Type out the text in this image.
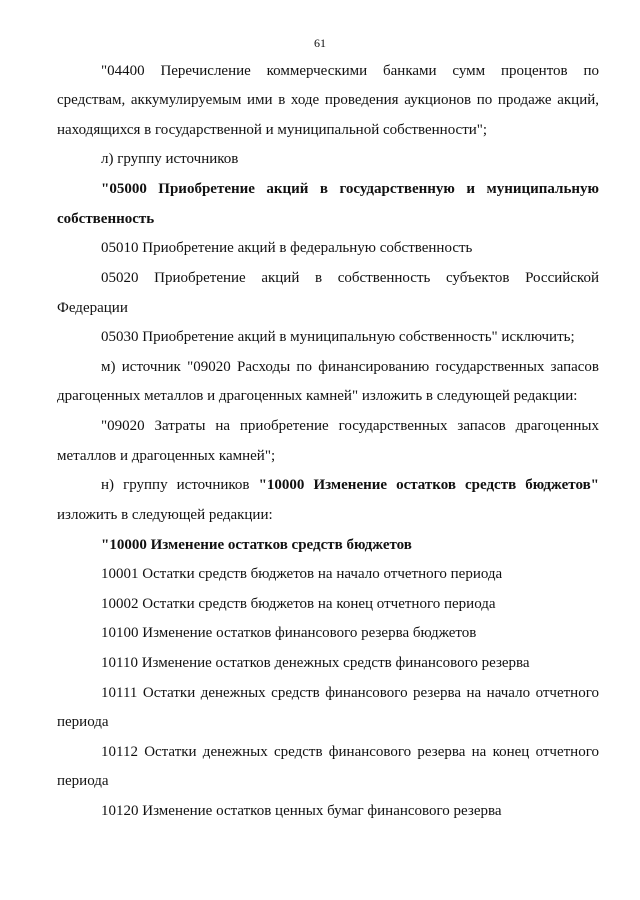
61
"04400 Перечисление коммерческими банками сумм процентов по
средствам, аккумулируемым ими в ходе проведения аукционов по продаже акций,
находящихся в государственной и муниципальной собственности";
л) группу источников
"05000 Приобретение акций в государственную и муниципальную
собственность
05010 Приобретение акций в федеральную собственность
05020 Приобретение акций в собственность субъектов Российской
Федерации
05030 Приобретение акций в муниципальную собственность" исключить;
м) источник "09020 Расходы по финансированию государственных запасов
драгоценных металлов и драгоценных камней" изложить в следующей редакции:
"09020 Затраты на приобретение государственных запасов драгоценных
металлов и драгоценных камней";
н) группу источников "10000 Изменение остатков средств бюджетов"
изложить в следующей редакции:
"10000 Изменение остатков средств бюджетов
10001 Остатки средств бюджетов на начало отчетного периода
10002 Остатки средств бюджетов на конец отчетного периода
10100 Изменение остатков финансового резерва бюджетов
10110 Изменение остатков денежных средств финансового резерва
10111 Остатки денежных средств финансового резерва на начало отчетного
периода
10112 Остатки денежных средств финансового резерва на конец отчетного
периода
10120 Изменение остатков ценных бумаг финансового резерва
